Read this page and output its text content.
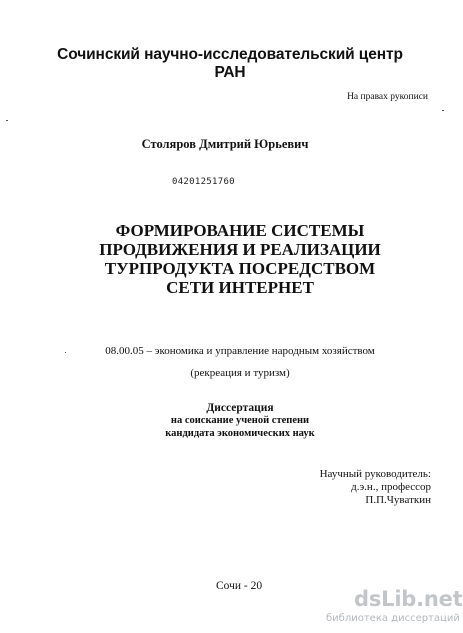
Сочинский научно-исследовательский центр РАН
На правах рукописи
Столяров Дмитрий Юрьевич
04201251760
ФОРМИРОВАНИЕ СИСТЕМЫ
ПРОДВИЖЕНИЯ И РЕАЛИЗАЦИИ
ТУРПРОДУКТА ПОСРЕДСТВОМ
СЕТИ ИНТЕРНЕТ
08.00.05 – экономика и управление народным хозяйством
(рекреация и туризм)
Диссертация
на соискание ученой степени
кандидата экономических наук
Научный руководитель:
д.э.н., профессор
П.П.Чуваткин
Сочи - 20
dsLib.net
библиотека диссертаций
